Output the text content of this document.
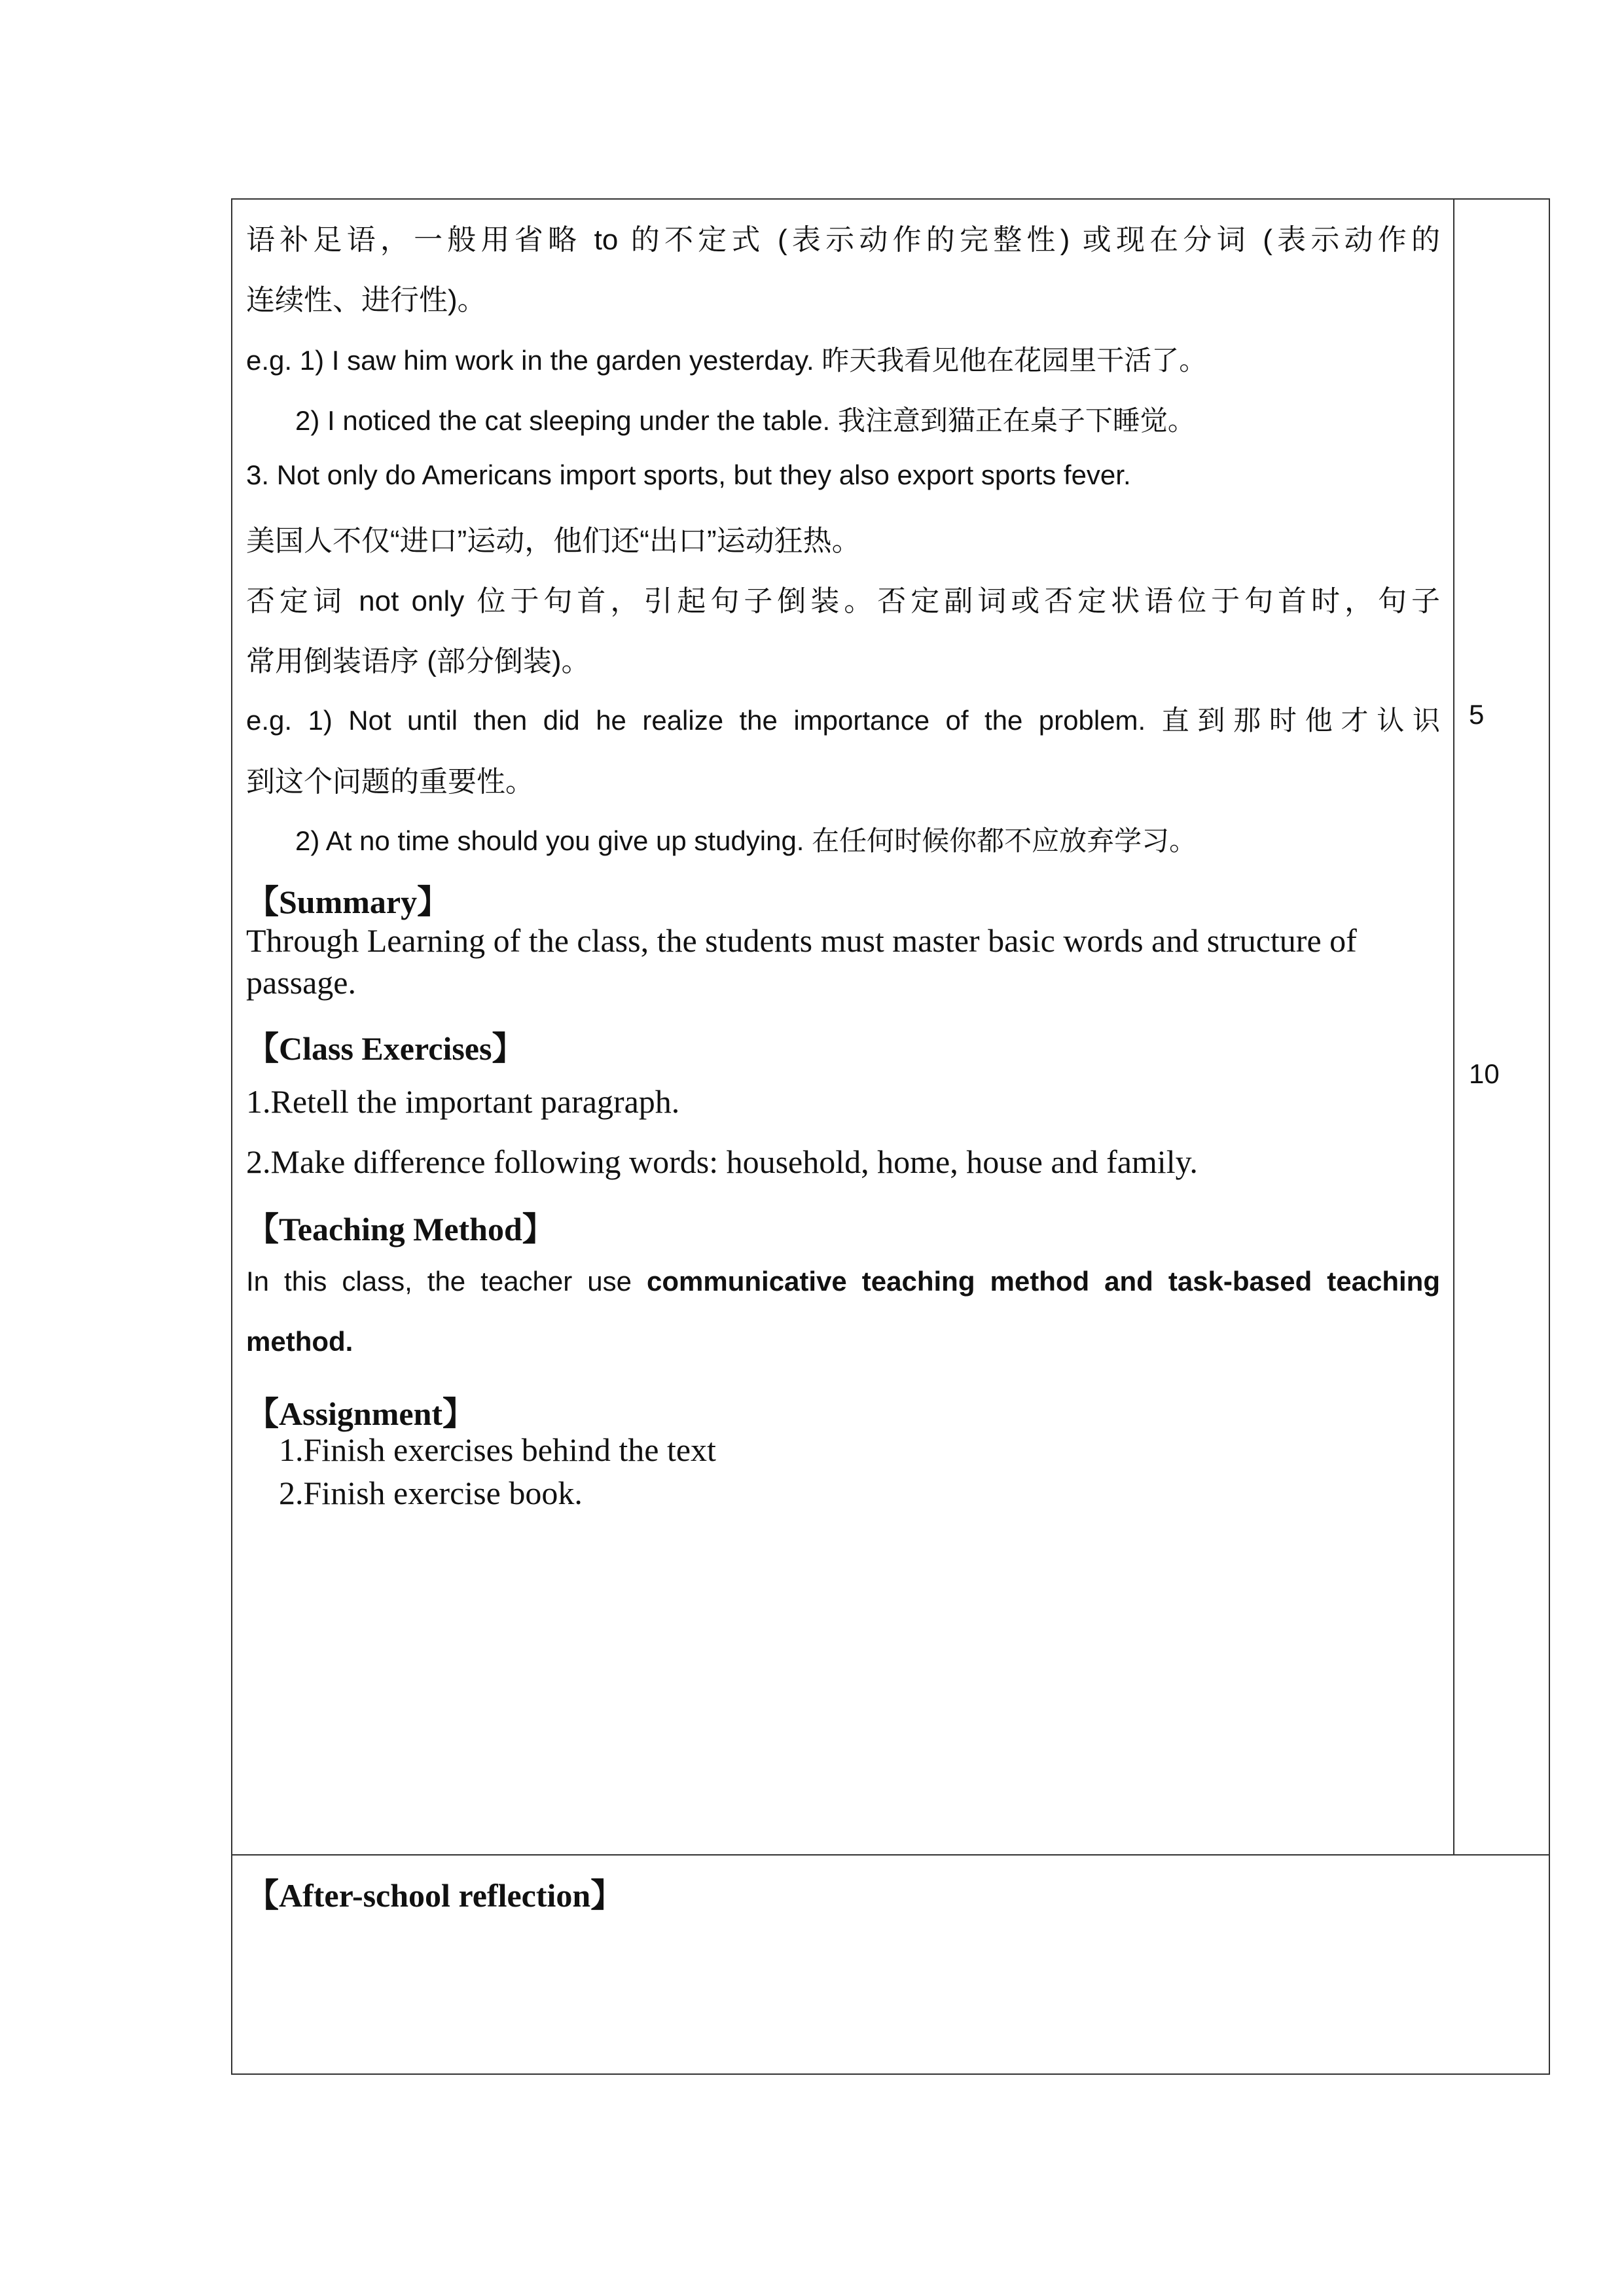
语补足语，一般用省略 to 的不定式 (表示动作的完整性) 或现在分词 (表示动作的
连续性、进行性)。
e.g. 1) I saw him work in the garden yesterday. 昨天我看见他在花园里干活了。
2) I noticed the cat sleeping under the table. 我注意到猫正在桌子下睡觉。
3. Not only do Americans import sports, but they also export sports fever.
美国人不仅“进口”运动，他们还“出口”运动狂热。
否定词 not only 位于句首，引起句子倒装。否定副词或否定状语位于句首时，句子
常用倒装语序 (部分倒装)。
e.g. 1) Not until then did he realize the importance of the problem. 直到那时他才认识
到这个问题的重要性。
2) At no time should you give up studying. 在任何时候你都不应放弃学习。
【Summary】
Through Learning of the class, the students must master basic words and structure of
passage.
【Class Exercises】
1.Retell the important paragraph.
2.Make difference following words: household, home, house and family.
【Teaching Method】
In this class, the teacher use communicative teaching method and task-based teaching
method.
【Assignment】
1.Finish exercises behind the text
2.Finish exercise book.
5
10
【After-school reflection】
